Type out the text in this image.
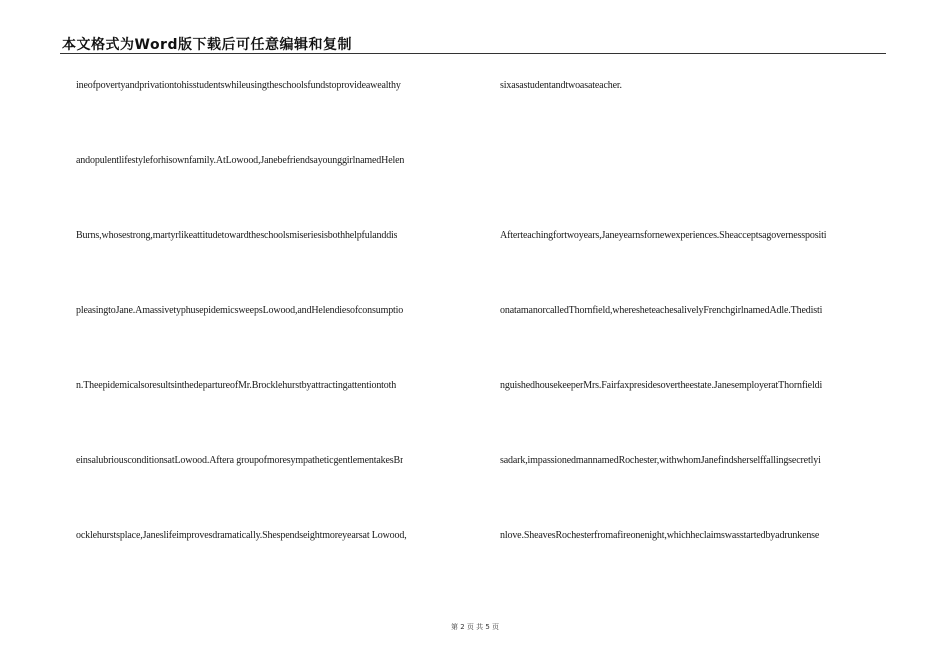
本文格式为Word版下载后可任意编辑和复制
ineofpovertyandprivationtohisstudentswhileusingtheschoolsfundstoprovideawealthy
andopulentlifestyleforhisownfamily.AtLowood,JanebefriendsayounggirlnamedHelen
Burns,whosestrong,martyrlikeattitudetowardtheschoolsmiseriesisbothhelpfulanddis
pleasingtoJane.AmassivetyphusepidemicsweepsLowood,andHelendiesofconsumptio
n.TheepidemicalsoresultsinthedepartureofMr.Brocklehurstbyattractingattentiontoth
einsalubriousconditionsatLowood.Aftera groupofmoresympatheticgentlementakesBr
ocklehurstsplace,Janeslifeimprovesdramatically.Shespendseightmoreyearsat Lowood,
sixasastudentandtwoasateacher.
Afterteachingfortwoyears,Janeyearnsfornewexperiences.Sheacceptsagovernesspositi
onatamanorcalledThornfield,wheresheteachesalivelyFrenchgirlnamedAdle.Thedisti
nguishedhousekeeperMrs.Fairfaxpresidesovertheestate.JanesemployeratThornfieldi
sadark,impassionedmannamedRochester,withwhomJanefindsherselffallingsecretlyi
nlove.SheavesRochesterfromafireonenight,whichheclaimswasstartedbyadrunkense
第 2 页 共 5 页
